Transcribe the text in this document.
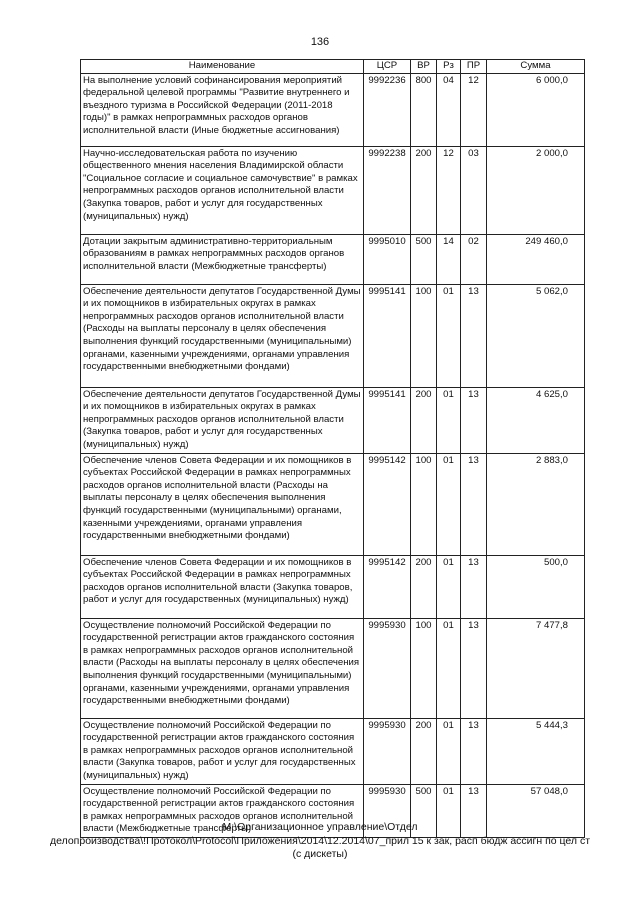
136
Наименование	ЦСР	ВР	Рз	ПР	Сумма
На выполнение условий софинансирования мероприятий федеральной целевой программы "Развитие внутреннего и въездного туризма в Российской Федерации (2011-2018 годы)" в рамках непрограммных расходов органов исполнительной власти (Иные бюджетные ассигнования)	9992236	800	04	12	6 000,0
Научно-исследовательская работа по изучению общественного мнения населения Владимирской области "Социальное согласие и социальное самочувствие" в рамках непрограммных расходов органов исполнительной власти (Закупка товаров, работ и услуг для государственных (муниципальных) нужд)	9992238	200	12	03	2 000,0
Дотации закрытым административно-территориальным образованиям в рамках непрограммных расходов органов исполнительной власти (Межбюджетные трансферты)	9995010	500	14	02	249 460,0
Обеспечение деятельности депутатов Государственной Думы и их помощников в избирательных округах в рамках непрограммных расходов органов исполнительной власти (Расходы на выплаты персоналу в целях обеспечения выполнения функций государственными (муниципальными) органами, казенными учреждениями, органами управления государственными внебюджетными фондами)	9995141	100	01	13	5 062,0
Обеспечение деятельности депутатов Государственной Думы и их помощников в избирательных округах в рамках непрограммных расходов органов исполнительной власти (Закупка товаров, работ и услуг для государственных (муниципальных) нужд)	9995141	200	01	13	4 625,0
Обеспечение членов Совета Федерации и их помощников в субъектах Российской Федерации в рамках непрограммных расходов органов исполнительной власти (Расходы на выплаты персоналу в целях обеспечения выполнения функций государственными (муниципальными) органами, казенными учреждениями, органами управления государственными внебюджетными фондами)	9995142	100	01	13	2 883,0
Обеспечение членов Совета Федерации и их помощников в субъектах Российской Федерации в рамках непрограммных расходов органов исполнительной власти (Закупка товаров, работ и услуг для государственных (муниципальных) нужд)	9995142	200	01	13	500,0
Осуществление полномочий Российской Федерации по государственной регистрации актов гражданского состояния в рамках непрограммных расходов органов исполнительной власти (Расходы на выплаты персоналу в целях обеспечения выполнения функций государственными (муниципальными) органами, казенными учреждениями, органами управления государственными внебюджетными фондами)	9995930	100	01	13	7 477,8
Осуществление полномочий Российской Федерации по государственной регистрации актов гражданского состояния в рамках непрограммных расходов органов исполнительной власти (Закупка товаров, работ и услуг для государственных (муниципальных) нужд)	9995930	200	01	13	5 444,3
Осуществление полномочий Российской Федерации по государственной регистрации актов гражданского состояния в рамках непрограммных расходов органов исполнительной власти (Межбюджетные трансферты)	9995930	500	01	13	57 048,0
M:\Организационное управление\Отдел
делопроизводства\!Протокол\Protocol\Приложения\2014\12.2014\07_прил 15 к зак, расп бюдж ассигн по цел ст
(с дискеты)
